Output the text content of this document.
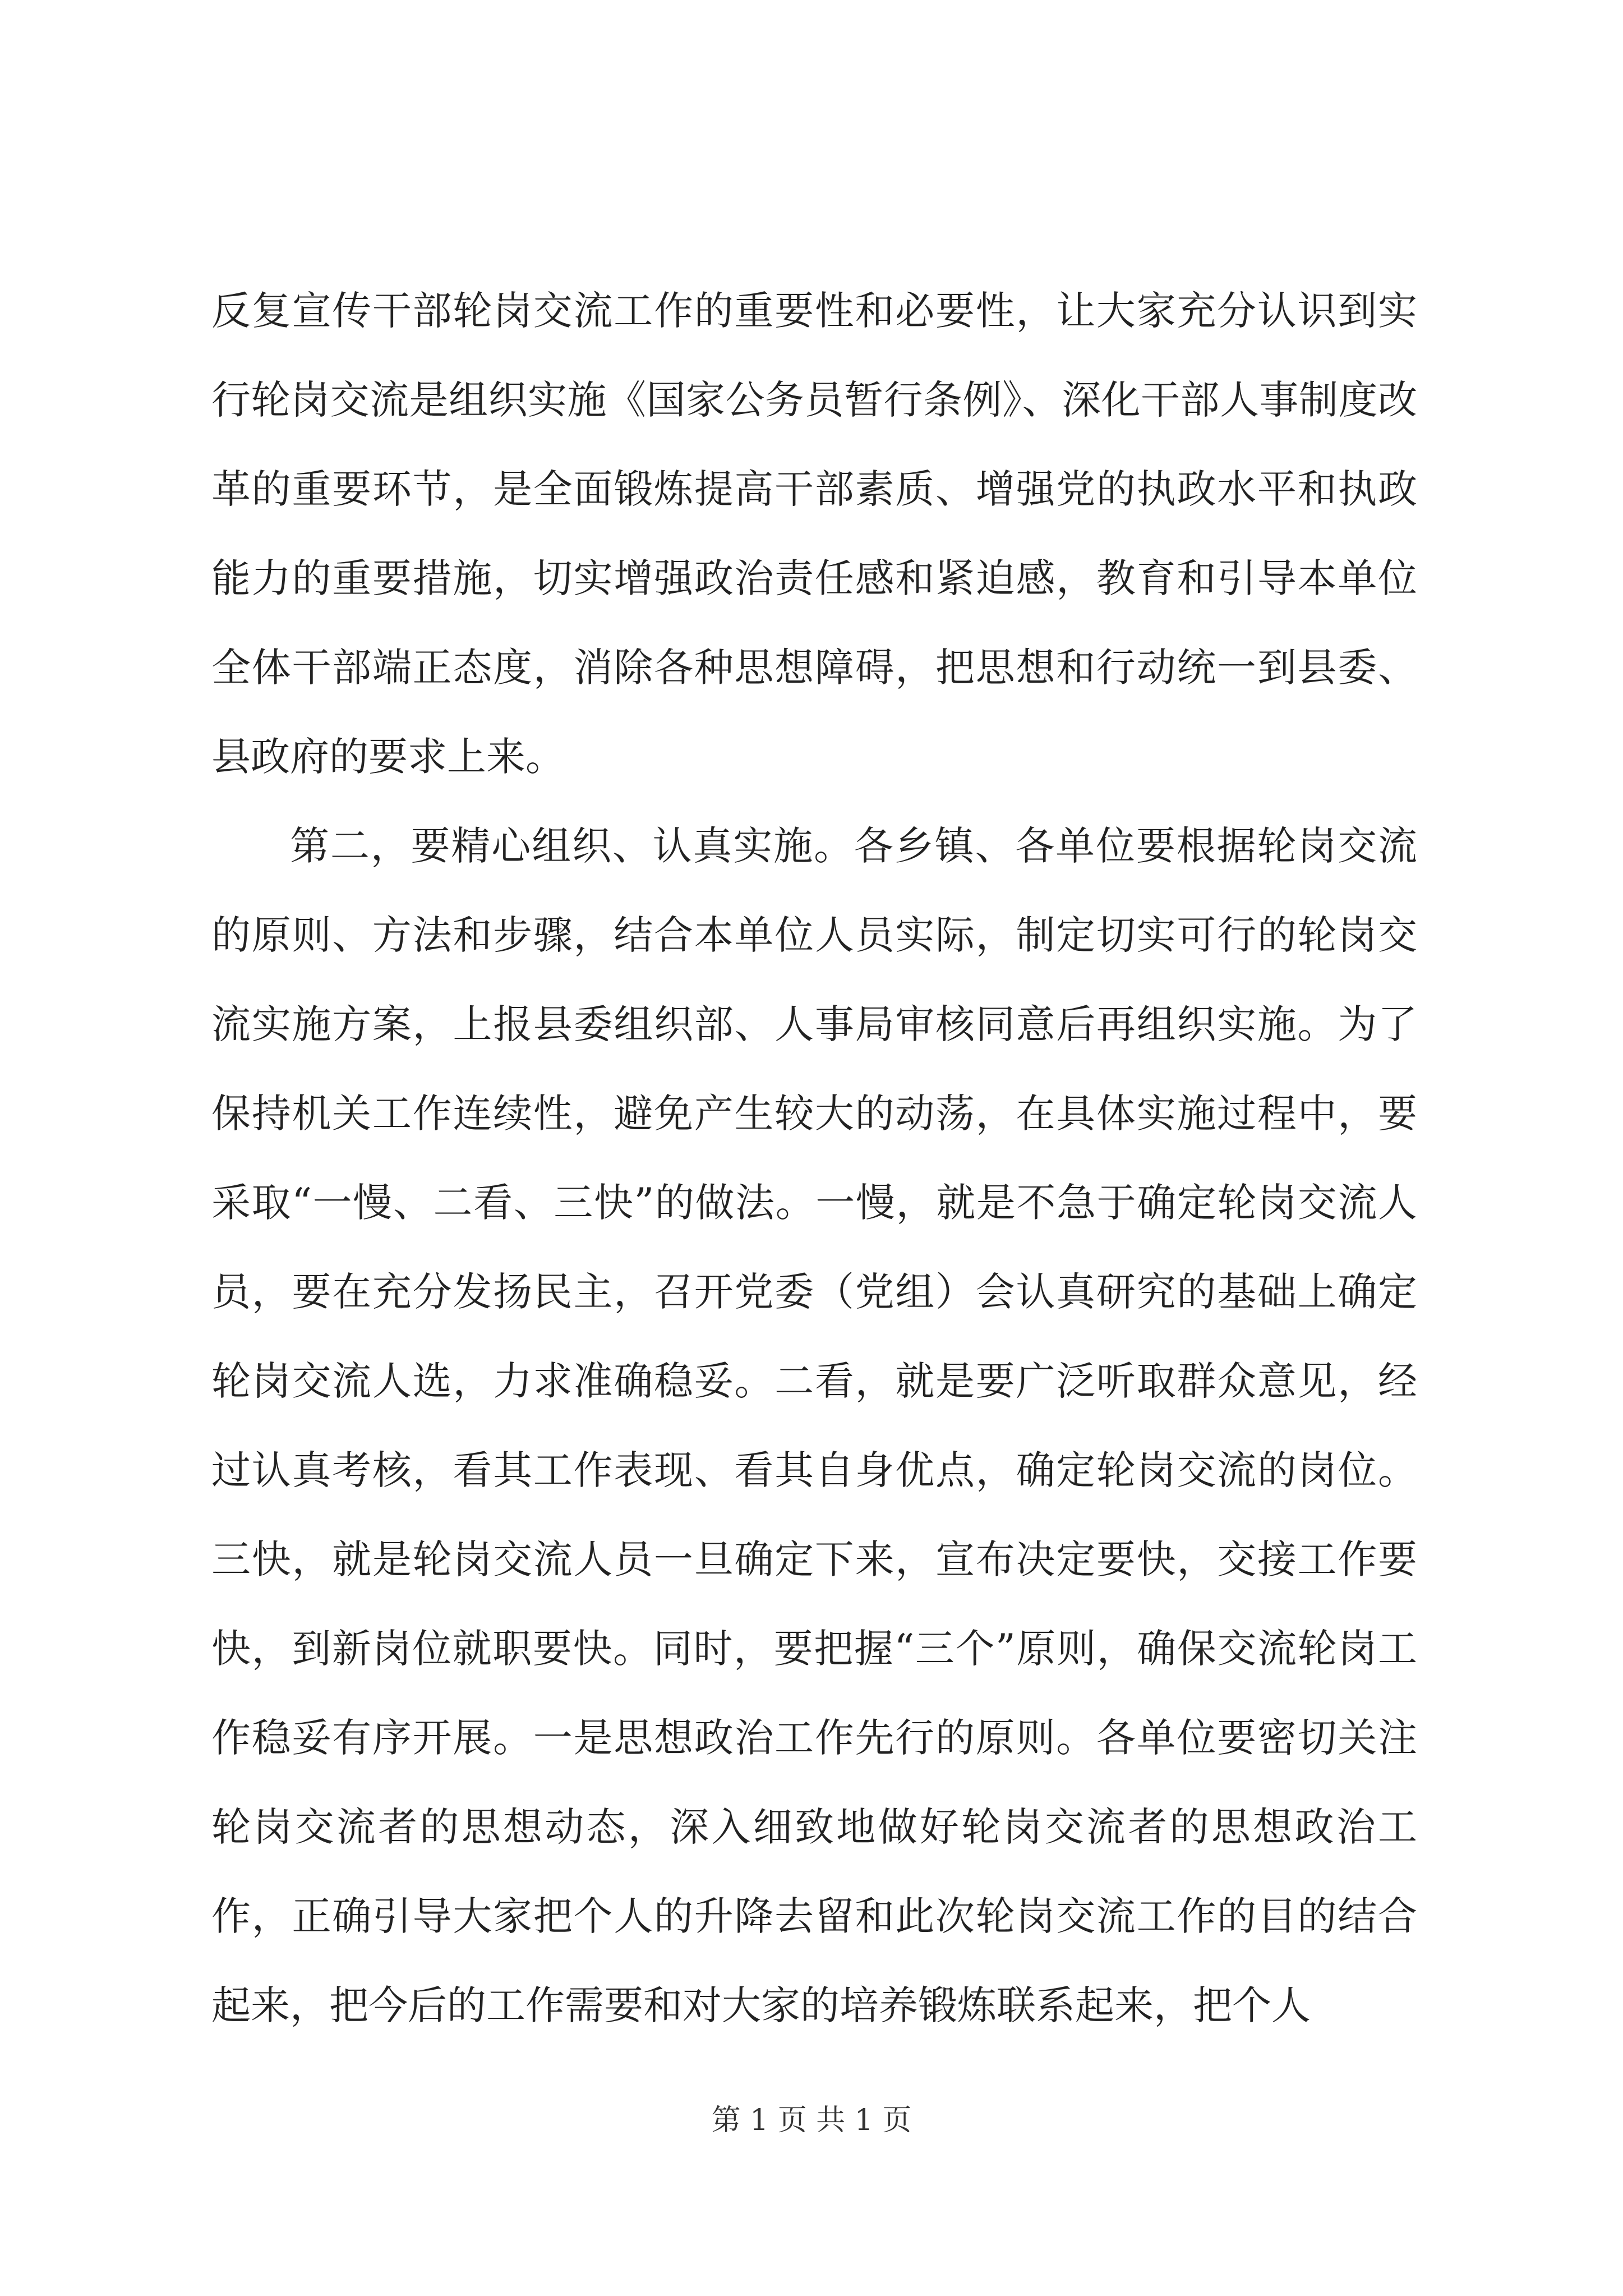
反复宣传干部轮岗交流工作的重要性和必要性，让大家充分认识到实行轮岗交流是组织实施《国家公务员暂行条例》、深化干部人事制度改革的重要环节，是全面锻炼提高干部素质、增强党的执政水平和执政能力的重要措施，切实增强政治责任感和紧迫感，教育和引导本单位全体干部端正态度，消除各种思想障碍，把思想和行动统一到县委、县政府的要求上来。

第二，要精心组织、认真实施。各乡镇、各单位要根据轮岗交流的原则、方法和步骤，结合本单位人员实际，制定切实可行的轮岗交流实施方案，上报县委组织部、人事局审核同意后再组织实施。为了保持机关工作连续性，避免产生较大的动荡，在具体实施过程中，要采取“一慢、二看、三快”的做法。一慢，就是不急于确定轮岗交流人员，要在充分发扬民主，召开党委（党组）会认真研究的基础上确定轮岗交流人选，力求准确稳妥。二看，就是要广泛听取群众意见，经过认真考核，看其工作表现、看其自身优点，确定轮岗交流的岗位。三快，就是轮岗交流人员一旦确定下来，宣布决定要快，交接工作要快，到新岗位就职要快。同时，要把握“三个”原则，确保交流轮岗工作稳妥有序开展。一是思想政治工作先行的原则。各单位要密切关注轮岗交流者的思想动态，深入细致地做好轮岗交流者的思想政治工作，正确引导大家把个人的升降去留和此次轮岗交流工作的目的结合起来，把今后的工作需要和对大家的培养锻炼联系起来，把个人

第 1 页 共 1 页
